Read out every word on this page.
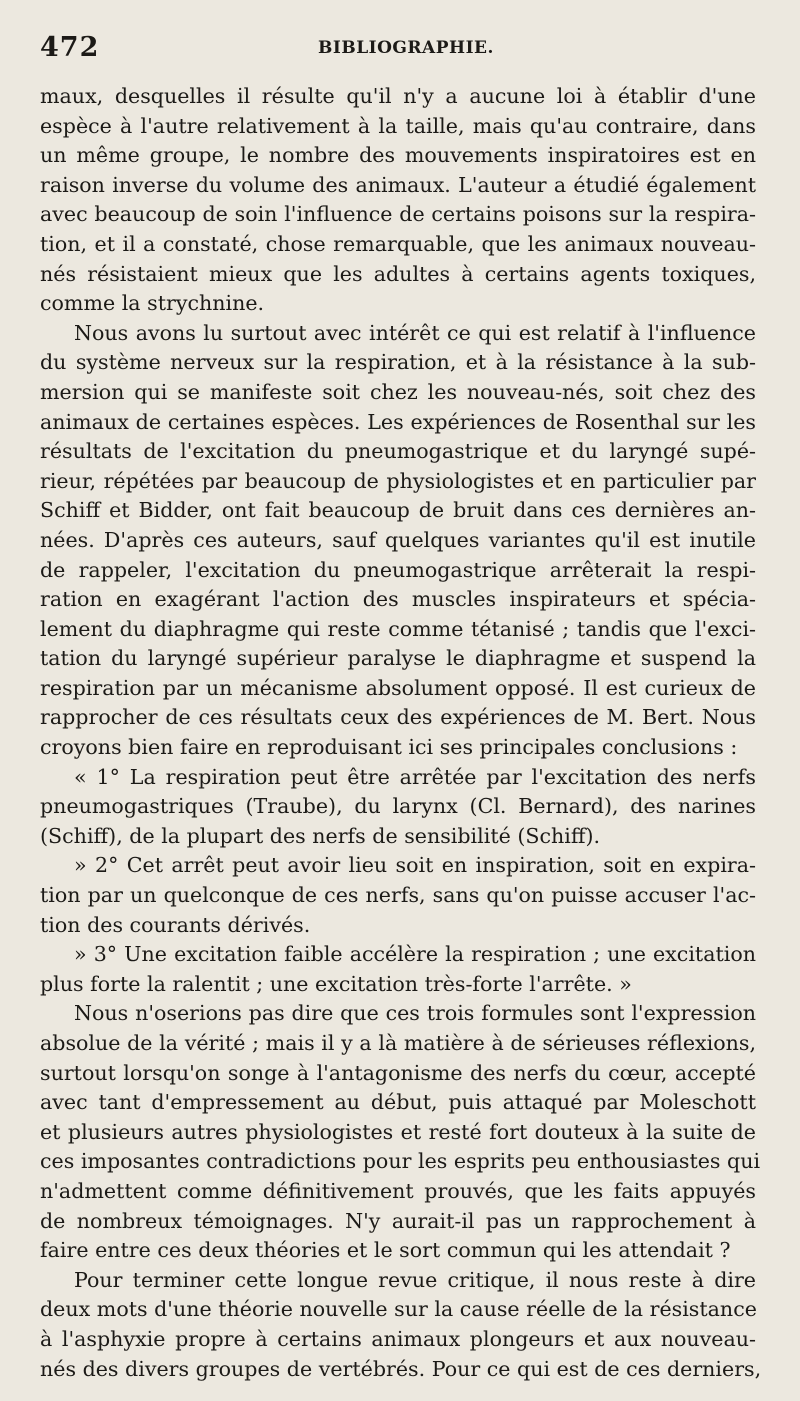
472	BIBLIOGRAPHIE.
maux, desquelles il résulte qu'il n'y a aucune loi à établir d'une
espèce à l'autre relativement à la taille, mais qu'au contraire, dans
un même groupe, le nombre des mouvements inspiratoires est en
raison inverse du volume des animaux. L'auteur a étudié également
avec beaucoup de soin l'influence de certains poisons sur la respira-
tion, et il a constaté, chose remarquable, que les animaux nouveau-
nés résistaient mieux que les adultes à certains agents toxiques,
comme la strychnine.
Nous avons lu surtout avec intérêt ce qui est relatif à l'influence
du système nerveux sur la respiration, et à la résistance à la sub-
mersion qui se manifeste soit chez les nouveau-nés, soit chez des
animaux de certaines espèces. Les expériences de Rosenthal sur les
résultats de l'excitation du pneumogastrique et du laryngé supé-
rieur, répétées par beaucoup de physiologistes et en particulier par
Schiff et Bidder, ont fait beaucoup de bruit dans ces dernières an-
nées. D'après ces auteurs, sauf quelques variantes qu'il est inutile
de rappeler, l'excitation du pneumogastrique arrêterait la respi-
ration en exagérant l'action des muscles inspirateurs et spécia-
lement du diaphragme qui reste comme tétanisé ; tandis que l'exci-
tation du laryngé supérieur paralyse le diaphragme et suspend la
respiration par un mécanisme absolument opposé. Il est curieux de
rapprocher de ces résultats ceux des expériences de M. Bert. Nous
croyons bien faire en reproduisant ici ses principales conclusions :
« 1° La respiration peut être arrêtée par l'excitation des nerfs
pneumogastriques (Traube), du larynx (Cl. Bernard), des narines
(Schiff), de la plupart des nerfs de sensibilité (Schiff).
» 2° Cet arrêt peut avoir lieu soit en inspiration, soit en expira-
tion par un quelconque de ces nerfs, sans qu'on puisse accuser l'ac-
tion des courants dérivés.
» 3° Une excitation faible accélère la respiration ; une excitation
plus forte la ralentit ; une excitation très-forte l'arrête. »
Nous n'oserions pas dire que ces trois formules sont l'expression
absolue de la vérité ; mais il y a là matière à de sérieuses réflexions,
surtout lorsqu'on songe à l'antagonisme des nerfs du cœur, accepté
avec tant d'empressement au début, puis attaqué par Moleschott
et plusieurs autres physiologistes et resté fort douteux à la suite de
ces imposantes contradictions pour les esprits peu enthousiastes qui
n'admettent comme définitivement prouvés, que les faits appuyés
de nombreux témoignages. N'y aurait-il pas un rapprochement à
faire entre ces deux théories et le sort commun qui les attendait ?
Pour terminer cette longue revue critique, il nous reste à dire
deux mots d'une théorie nouvelle sur la cause réelle de la résistance
à l'asphyxie propre à certains animaux plongeurs et aux nouveau-
nés des divers groupes de vertébrés. Pour ce qui est de ces derniers,
